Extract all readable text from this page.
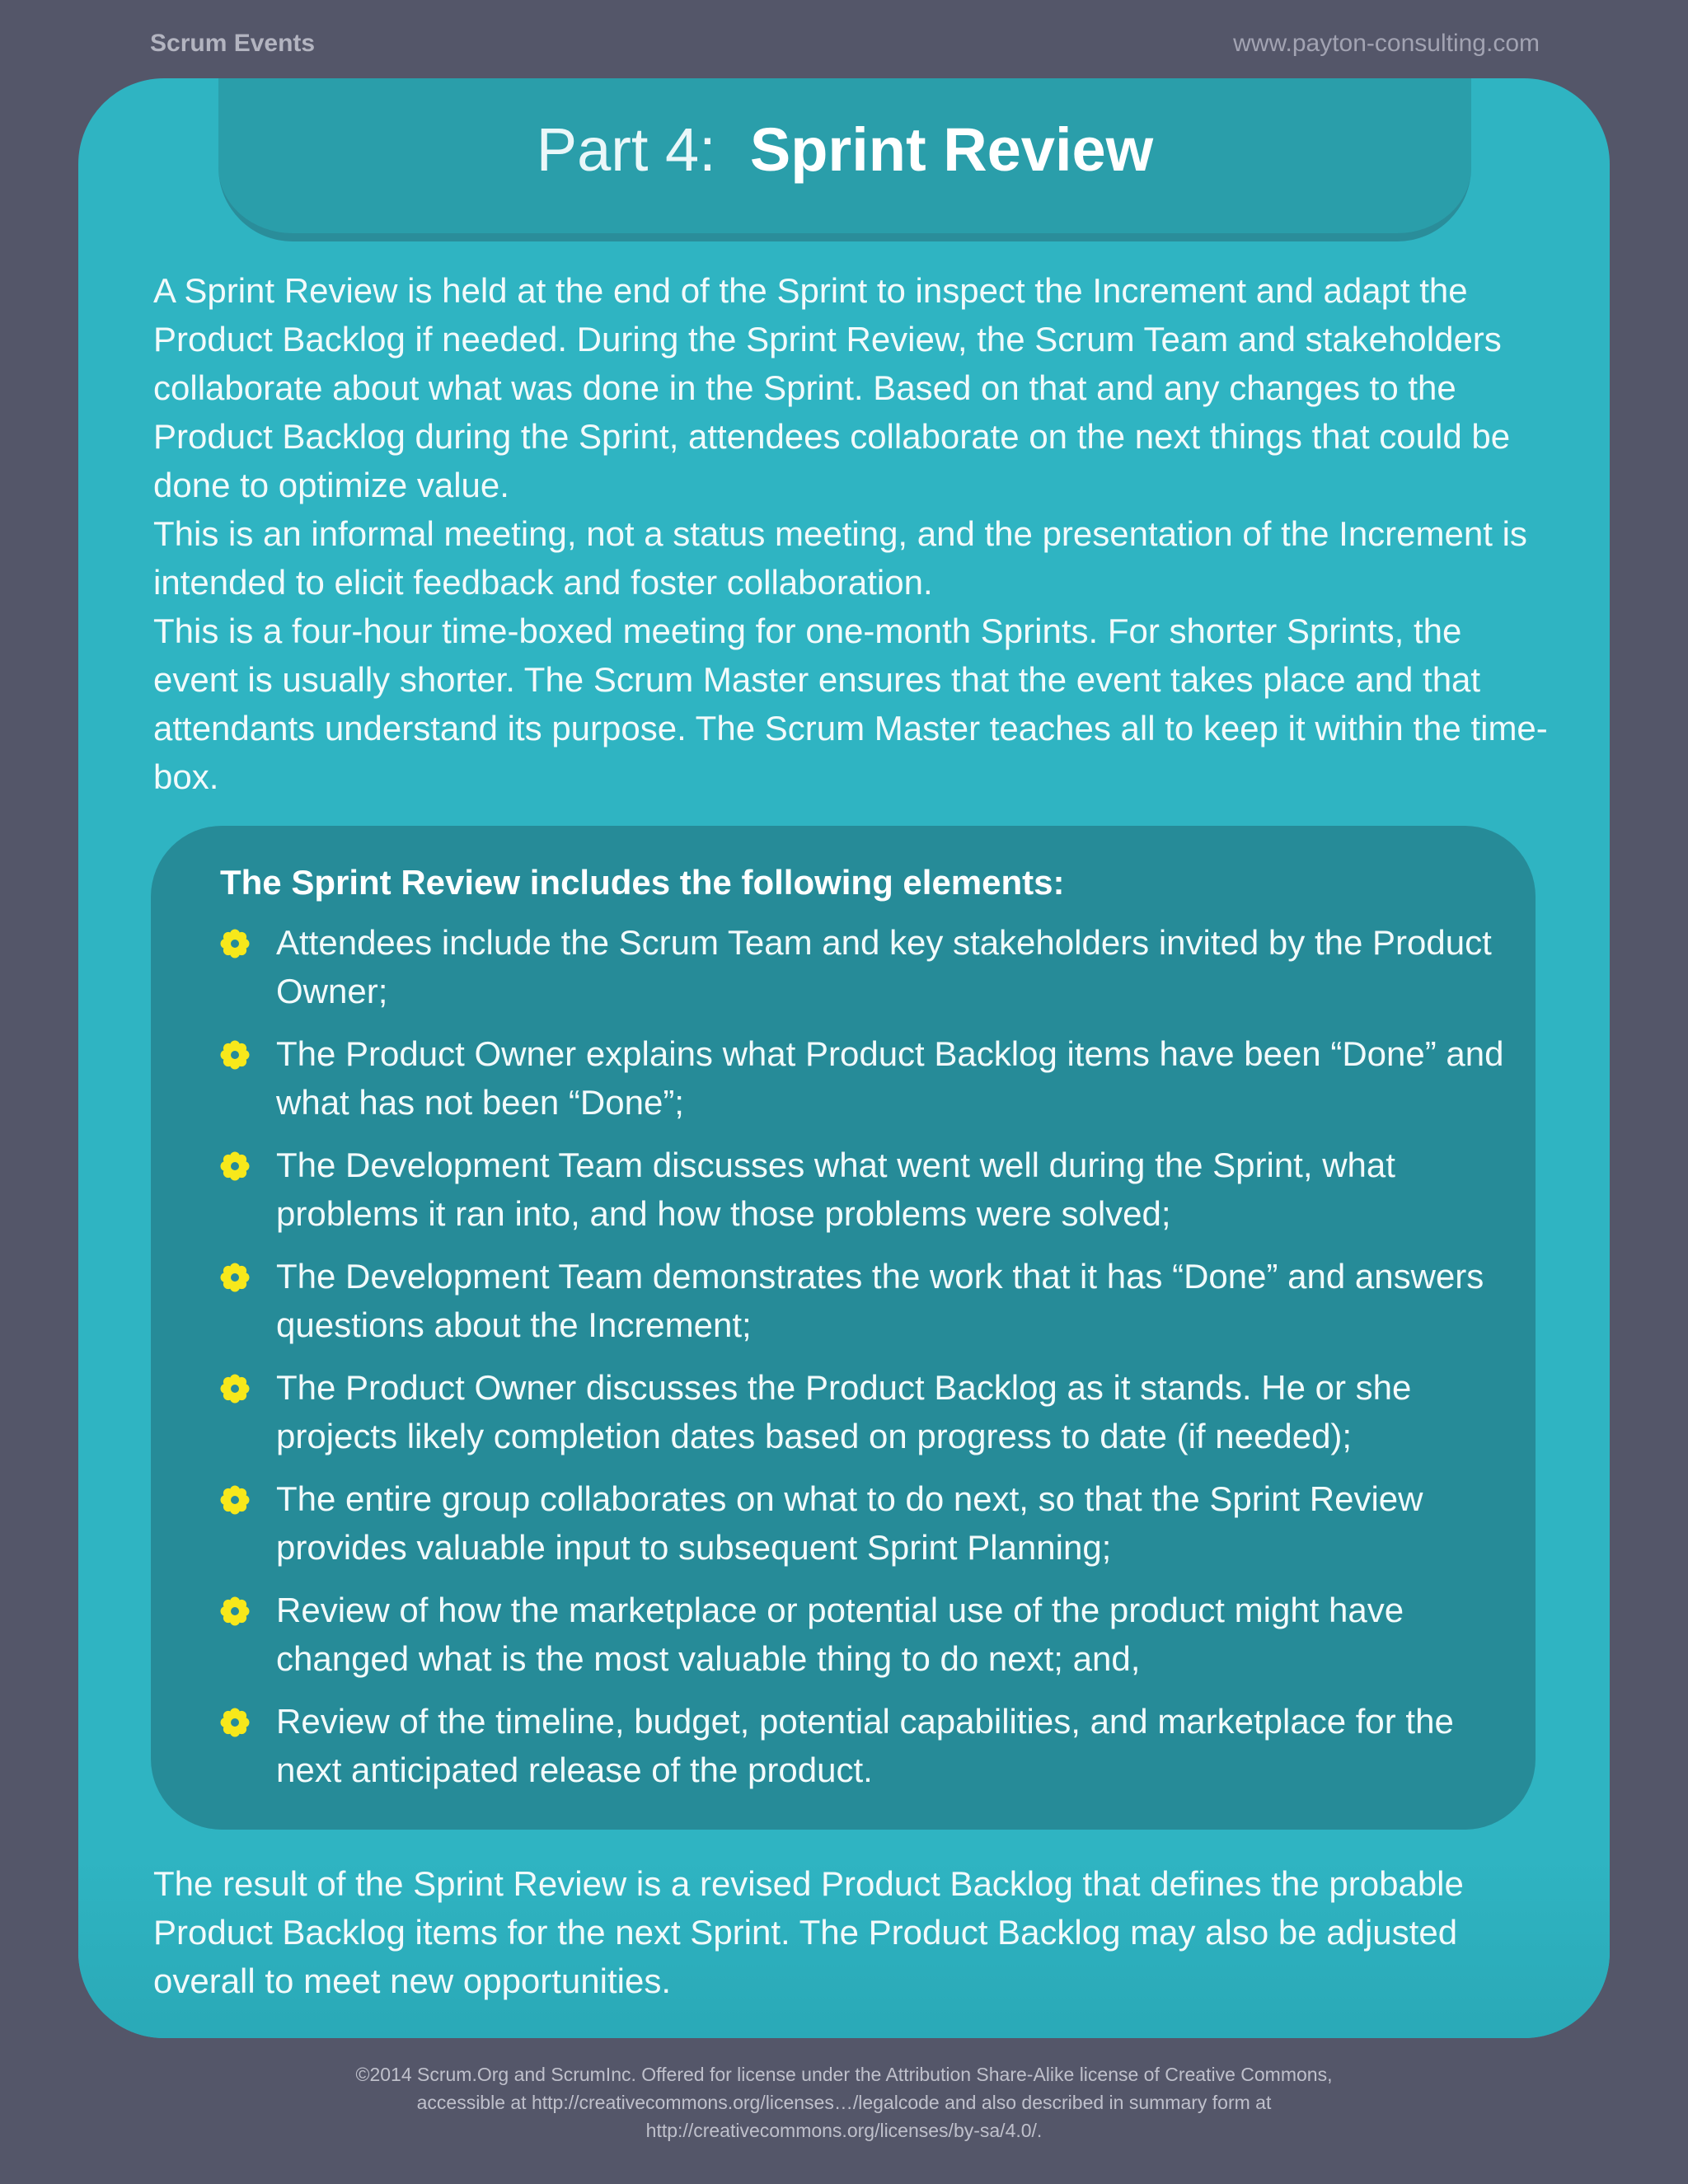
Scrum Events	www.payton-consulting.com
Part 4: Sprint Review

A Sprint Review is held at the end of the Sprint to inspect the Increment and adapt the Product Backlog if needed. During the Sprint Review, the Scrum Team and stakeholders collaborate about what was done in the Sprint. Based on that and any changes to the Product Backlog during the Sprint, attendees collaborate on the next things that could be done to optimize value.

This is an informal meeting, not a status meeting, and the presentation of the Increment is intended to elicit feedback and foster collaboration.

This is a four-hour time-boxed meeting for one-month Sprints. For shorter Sprints, the event is usually shorter. The Scrum Master ensures that the event takes place and that attendants understand its purpose. The Scrum Master teaches all to keep it within the time-box.

The Sprint Review includes the following elements:
Attendees include the Scrum Team and key stakeholders invited by the Product Owner;
The Product Owner explains what Product Backlog items have been “Done” and what has not been “Done”;
The Development Team discusses what went well during the Sprint, what problems it ran into, and how those problems were solved;
The Development Team demonstrates the work that it has “Done” and answers questions about the Increment;
The Product Owner discusses the Product Backlog as it stands. He or she projects likely completion dates based on progress to date (if needed);
The entire group collaborates on what to do next, so that the Sprint Review provides valuable input to subsequent Sprint Planning;
Review of how the marketplace or potential use of the product might have changed what is the most valuable thing to do next; and,
Review of the timeline, budget, potential capabilities, and marketplace for the next anticipated release of the product.

The result of the Sprint Review is a revised Product Backlog that defines the probable Product Backlog items for the next Sprint. The Product Backlog may also be adjusted overall to meet new opportunities.

©2014 Scrum.Org and ScrumInc. Offered for license under the Attribution Share-Alike license of Creative Commons, accessible at http://creativecommons.org/licenses…/legalcode and also described in summary form at http://creativecommons.org/licenses/by-sa/4.0/.
